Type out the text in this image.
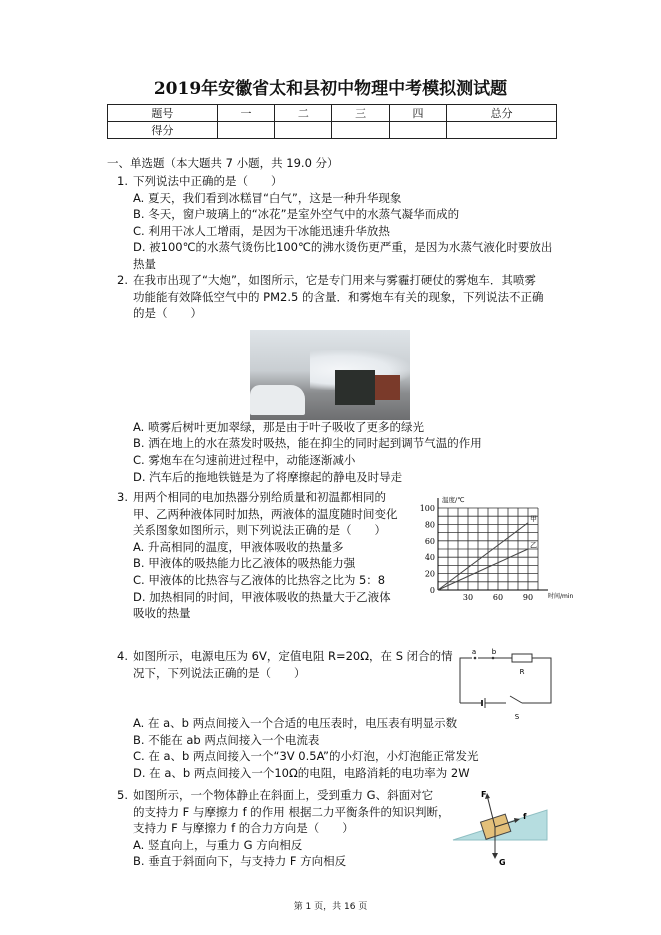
2019年安徽省太和县初中物理中考模拟测试题
题号	一	二	三	四	总分
得分					
一、单选题（本大题共 7 小题，共 19.0 分）
1. 下列说法中正确的是（　　）
A. 夏天，我们看到冰糕冒“白气”，这是一种升华现象
B. 冬天，窗户玻璃上的“冰花”是室外空气中的水蒸气凝华而成的
C. 利用干冰人工增雨，是因为干冰能迅速升华放热
D. 被100℃的水蒸气烫伤比100℃的沸水烫伤更严重，是因为水蒸气液化时要放出
热量
2. 在我市出现了“大炮”，如图所示，它是专门用来与雾霾打硬仗的雾炮车．其喷雾
功能能有效降低空气中的 PM2.5 的含量．和雾炮车有关的现象，下列说法不正确
的是（　　）
A. 喷雾后树叶更加翠绿，那是由于叶子吸收了更多的绿光
B. 洒在地上的水在蒸发时吸热，能在抑尘的同时起到调节气温的作用
C. 雾炮车在匀速前进过程中，动能逐渐减小
D. 汽车后的拖地铁链是为了将摩擦起的静电及时导走
3. 用两个相同的电加热器分别给质量和初温都相同的
甲、乙两种液体同时加热，两液体的温度随时间变化
关系图象如图所示，则下列说法正确的是（　　）
A. 升高相同的温度，甲液体吸收的热量多
B. 甲液体的吸热能力比乙液体的吸热能力强
C. 甲液体的比热容与乙液体的比热容之比为 5：8
D. 加热相同的时间，甲液体吸收的热量大于乙液体
吸收的热量
4. 如图所示，电源电压为 6V，定值电阻 R=20Ω，在 S 闭合的情
况下，下列说法正确的是（　　）
A. 在 a、b 两点间接入一个合适的电压表时，电压表有明显示数
B. 不能在 ab 两点间接入一个电流表
C. 在 a、b 两点间接入一个“3V 0.5A”的小灯泡，小灯泡能正常发光
D. 在 a、b 两点间接入一个10Ω的电阻，电路消耗的电功率为 2W
5. 如图所示，一个物体静止在斜面上，受到重力 G、斜面对它
的支持力 F 与摩擦力 f 的作用 根据二力平衡条件的知识判断，
支持力 F 与摩擦力 f 的合力方向是（　　）
A. 竖直向上，与重力 G 方向相反
B. 垂直于斜面向下，与支持力 F 方向相反
甲
乙
100
80
60
40
20
0
30 60 90
温度/℃
时间/min
a b
R
S
F
f
G
第 1 页，共 16 页
